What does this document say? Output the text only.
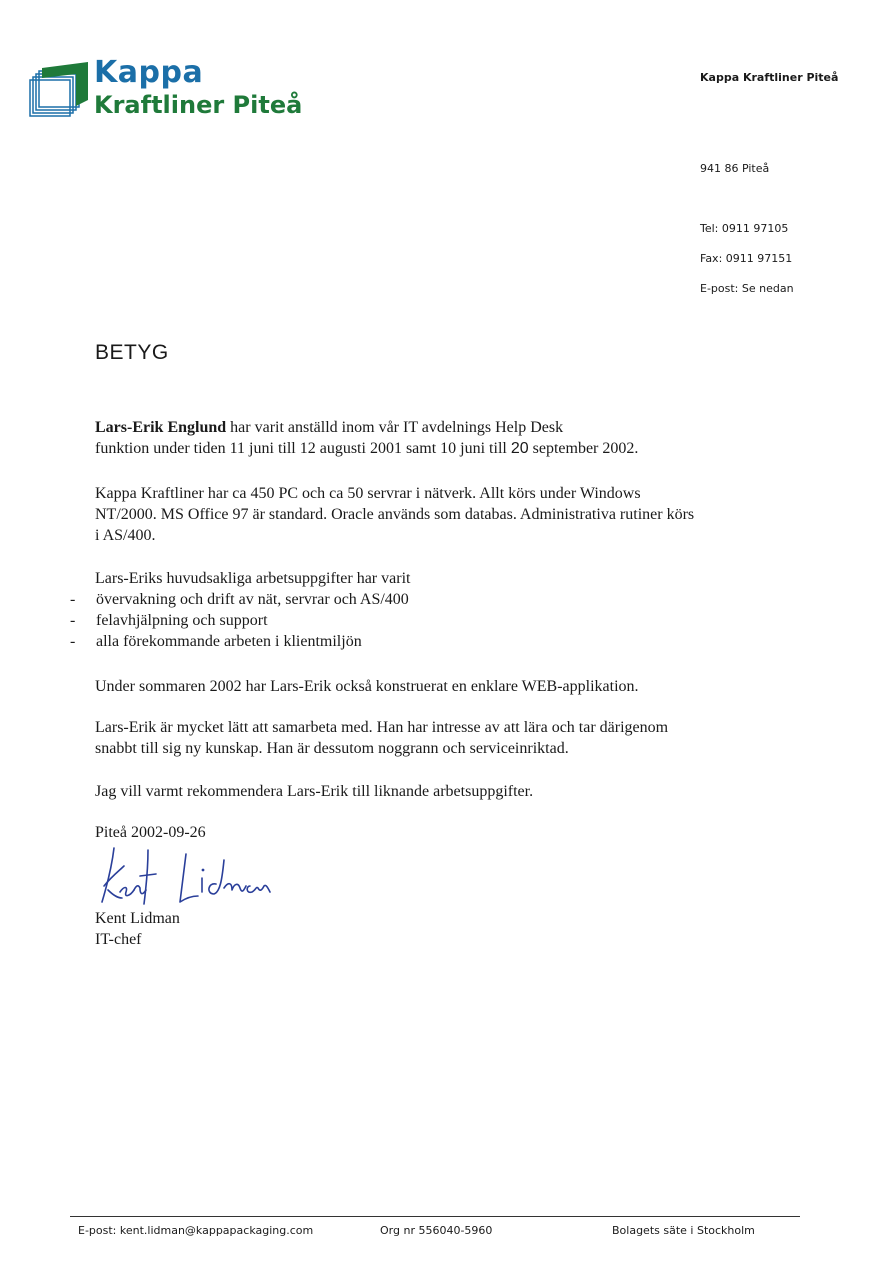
Kappa
Kraftliner Piteå
Kappa Kraftliner Piteå
941 86 Piteå
Tel: 0911 97105
Fax: 0911 97151
E-post: Se nedan
BETYG

Lars-Erik Englund har varit anställd inom vår IT avdelnings Help Desk

funktion under tiden 11 juni till 12 augusti 2001 samt 10 juni till 20 september 2002.

Kappa Kraftliner har ca 450 PC och ca 50 servrar i nätverk. Allt körs under Windows

NT/2000. MS Office 97 är standard. Oracle används som databas. Administrativa rutiner körs

i AS/400.

Lars-Eriks huvudsakliga arbetsuppgifter har varit
- övervakning och drift av nät, servrar och AS/400
- felavhjälpning och support
- alla förekommande arbeten i klientmiljön
Under sommaren 2002 har Lars-Erik också konstruerat en enklare WEB-applikation.

Lars-Erik är mycket lätt att samarbeta med. Han har intresse av att lära och tar därigenom

snabbt till sig ny kunskap. Han är dessutom noggrann och serviceinriktad.

Jag vill varmt rekommendera Lars-Erik till liknande arbetsuppgifter.
Piteå 2002-09-26
Kent Lidman
IT-chef
E-post: kent.lidman@kappapackaging.com	Org nr 556040-5960	Bolagets säte i Stockholm
